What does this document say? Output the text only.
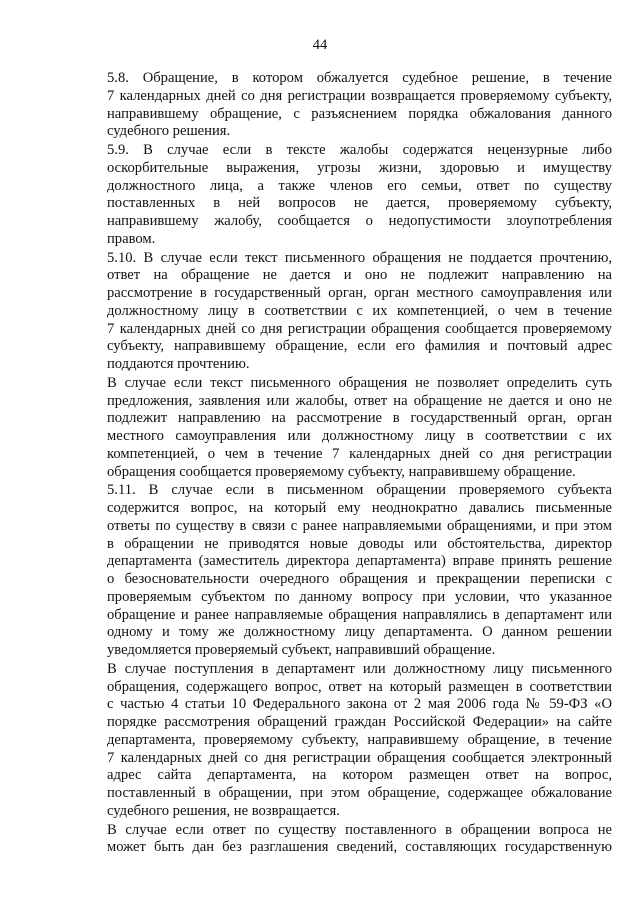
44
5.8. Обращение, в котором обжалуется судебное решение, в течение
7 календарных дней со дня регистрации возвращается проверяемому субъекту,
направившему обращение, с разъяснением порядка обжалования данного
судебного решения.
5.9. В случае если в тексте жалобы содержатся нецензурные либо
оскорбительные выражения, угрозы жизни, здоровью и имуществу
должностного лица, а также членов его семьи, ответ по существу
поставленных в ней вопросов не дается, проверяемому субъекту,
направившему жалобу, сообщается о недопустимости злоупотребления
правом.
5.10. В случае если текст письменного обращения не поддается прочтению,
ответ на обращение не дается и оно не подлежит направлению на
рассмотрение в государственный орган, орган местного самоуправления или
должностному лицу в соответствии с их компетенцией, о чем в течение
7 календарных дней со дня регистрации обращения сообщается проверяемому
субъекту, направившему обращение, если его фамилия и почтовый адрес
поддаются прочтению.
В случае если текст письменного обращения не позволяет определить суть
предложения, заявления или жалобы, ответ на обращение не дается и оно не
подлежит направлению на рассмотрение в государственный орган, орган
местного самоуправления или должностному лицу в соответствии с их
компетенцией, о чем в течение 7 календарных дней со дня регистрации
обращения сообщается проверяемому субъекту, направившему обращение.
5.11. В случае если в письменном обращении проверяемого субъекта
содержится вопрос, на который ему неоднократно давались письменные
ответы по существу в связи с ранее направляемыми обращениями, и при этом
в обращении не приводятся новые доводы или обстоятельства, директор
департамента (заместитель директора департамента) вправе принять решение
о безосновательности очередного обращения и прекращении переписки с
проверяемым субъектом по данному вопросу при условии, что указанное
обращение и ранее направляемые обращения направлялись в департамент или
одному и тому же должностному лицу департамента. О данном решении
уведомляется проверяемый субъект, направивший обращение.
В случае поступления в департамент или должностному лицу письменного
обращения, содержащего вопрос, ответ на который размещен в соответствии
с частью 4 статьи 10 Федерального закона от 2 мая 2006 года № 59-ФЗ «О
порядке рассмотрения обращений граждан Российской Федерации» на сайте
департамента, проверяемому субъекту, направившему обращение, в течение
7 календарных дней со дня регистрации обращения сообщается электронный
адрес сайта департамента, на котором размещен ответ на вопрос,
поставленный в обращении, при этом обращение, содержащее обжалование
судебного решения, не возвращается.
В случае если ответ по существу поставленного в обращении вопроса не
может быть дан без разглашения сведений, составляющих государственную
